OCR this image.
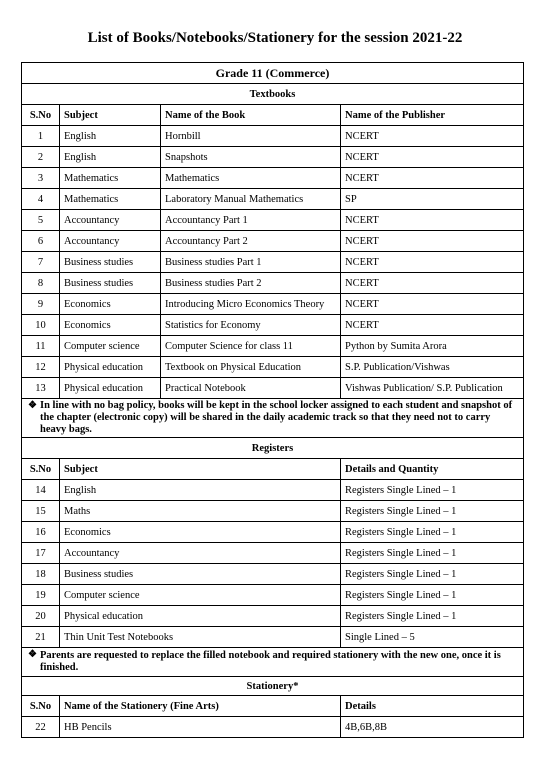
List of Books/Notebooks/Stationery for the session 2021-22
Grade 11 (Commerce)			
Textbooks			
S.No	Subject	Name of the Book	Name of the Publisher
1	English	Hornbill	NCERT
2	English	Snapshots	NCERT
3	Mathematics	Mathematics	NCERT
4	Mathematics	Laboratory Manual Mathematics	SP
5	Accountancy	Accountancy Part 1	NCERT
6	Accountancy	Accountancy Part 2	NCERT
7	Business studies	Business studies Part 1	NCERT
8	Business studies	Business studies Part 2	NCERT
9	Economics	Introducing Micro Economics Theory	NCERT
10	Economics	Statistics for Economy	NCERT
11	Computer science	Computer Science for class 11	Python by Sumita Arora
12	Physical education	Textbook on Physical Education	S.P. Publication/Vishwas
13	Physical education	Practical Notebook	Vishwas Publication/ S.P. Publication

❖ In line with no bag policy, books will be kept in the school locker assigned to each student and snapshot of the chapter (electronic copy) will be shared in the daily academic track so that they need not to carry heavy bags.			
Registers			
S.No	Subject		Details and Quantity
14	English		Registers Single Lined – 1
15	Maths		Registers Single Lined – 1
16	Economics		Registers Single Lined – 1
17	Accountancy		Registers Single Lined – 1
18	Business studies		Registers Single Lined – 1
19	Computer science		Registers Single Lined – 1
20	Physical education		Registers Single Lined – 1
21	Thin Unit Test Notebooks		Single Lined – 5

❖ Parents are requested to replace the filled notebook and required stationery with the new one, once it is finished.			
Stationery*			
S.No	Name of the Stationery (Fine Arts)		Details
22	HB Pencils		4B,6B,8B
